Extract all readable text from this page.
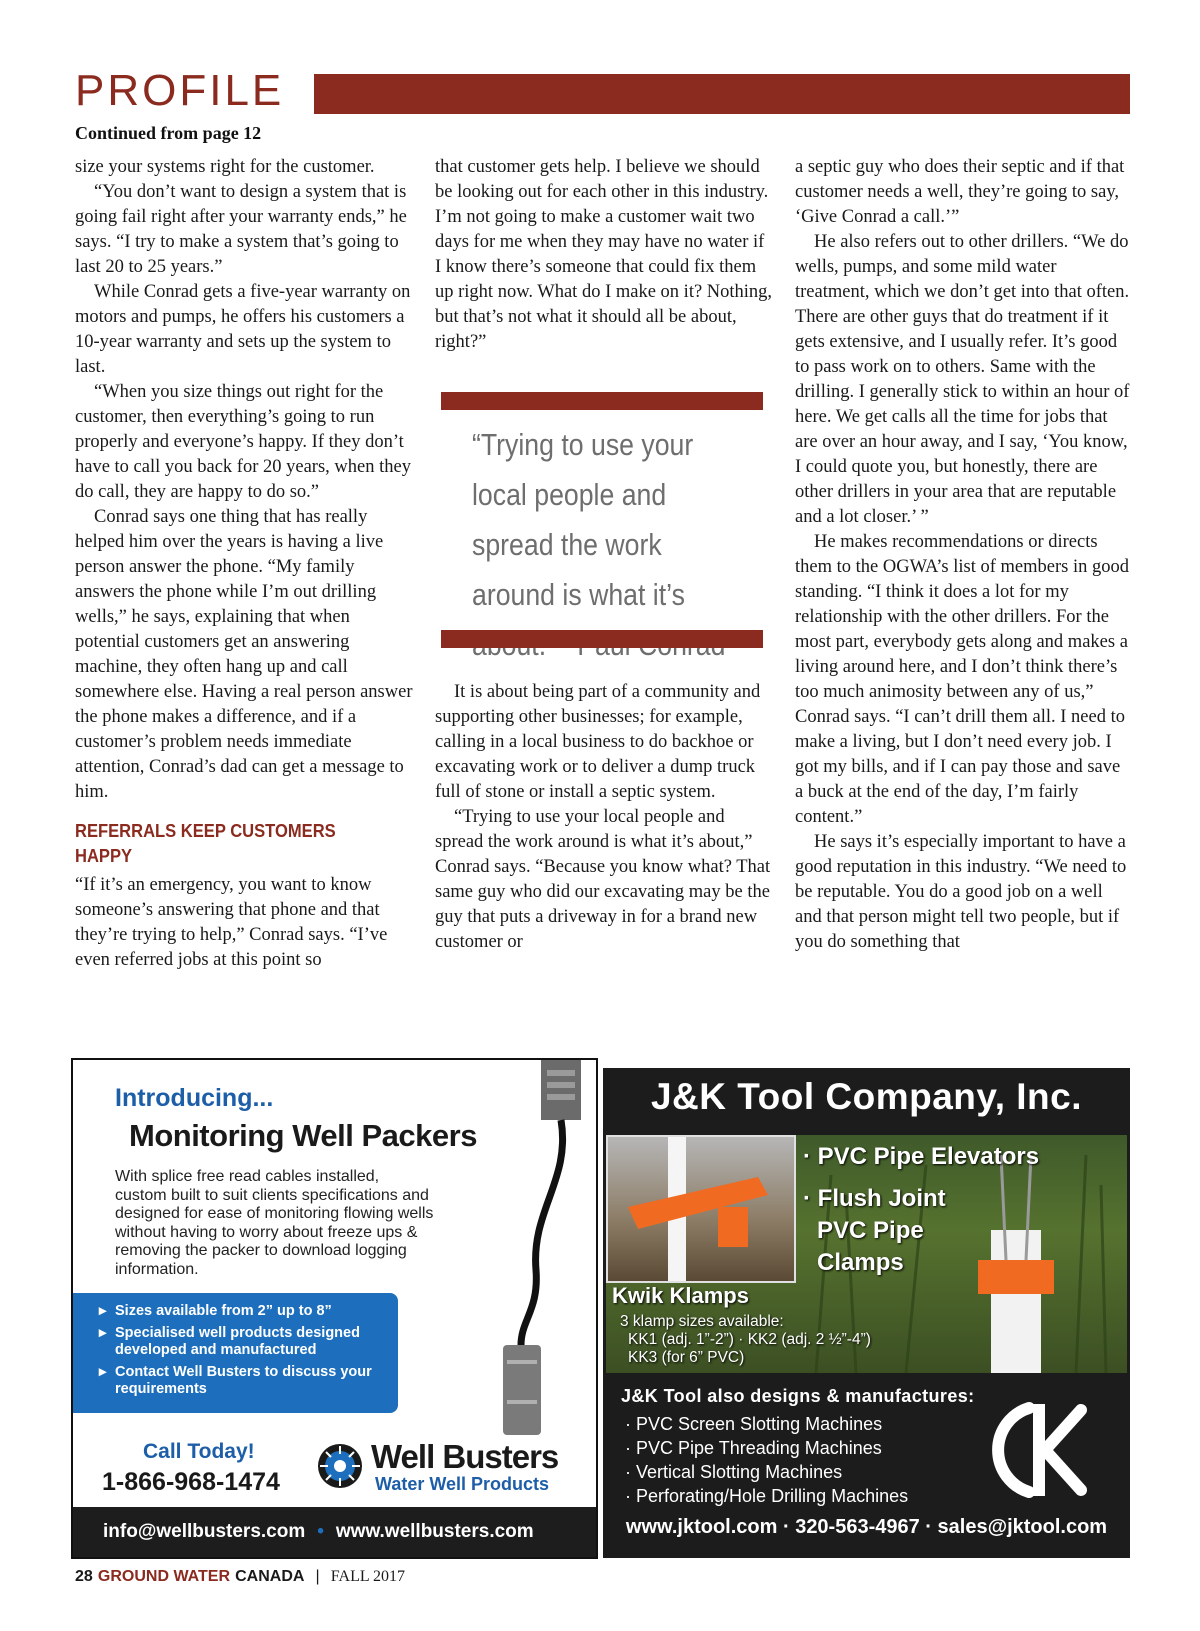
PROFILE
Continued from page 12

size your systems right for the customer.

“You don’t want to design a system that is going fail right after your warranty ends,” he says. “I try to make a system that’s going to last 20 to 25 years.”

While Conrad gets a five-year warranty on motors and pumps, he offers his customers a 10-year warranty and sets up the system to last.

“When you size things out right for the customer, then everything’s going to run properly and everyone’s happy. If they don’t have to call you back for 20 years, when they do call, they are happy to do so.”

Conrad says one thing that has really helped him over the years is having a live person answer the phone. “My family answers the phone while I’m out drilling wells,” he says, explaining that when potential customers get an answering machine, they often hang up and call somewhere else. Having a real person answer the phone makes a difference, and if a customer’s problem needs immediate attention, Conrad’s dad can get a message to him.

REFERRALS KEEP CUSTOMERS HAPPY

“If it’s an emergency, you want to know someone’s answering that phone and that they’re trying to help,” Conrad says. “I’ve even referred jobs at this point so

that customer gets help. I believe we should be looking out for each other in this industry. I’m not going to make a customer wait two days for me when they may have no water if I know there’s someone that could fix them up right now. What do I make on it? Nothing, but that’s not what it should all be about, right?”

“Trying to use your local people and spread the work around is what it’s

It is about being part of a community and supporting other businesses; for example, calling in a local business to do backhoe or excavating work or to deliver a dump truck full of stone or install a septic system.

“Trying to use your local people and spread the work around is what it’s about,” Conrad says. “Because you know what? That same guy who did our excavating may be the guy that puts a driveway in for a brand new customer or

a septic guy who does their septic and if that customer needs a well, they’re going to say, ‘Give Conrad a call.’”

He also refers out to other drillers. “We do wells, pumps, and some mild water treatment, which we don’t get into that often. There are other guys that do treatment if it gets extensive, and I usually refer. It’s good to pass work on to others. Same with the drilling. I generally stick to within an hour of here. We get calls all the time for jobs that are over an hour away, and I say, ‘You know, I could quote you, but honestly, there are other drillers in your area that are reputable and a lot closer.’ ”

He makes recommendations or directs them to the OGWA’s list of members in good standing. “I think it does a lot for my relationship with the other drillers. For the most part, everybody gets along and makes a living around here, and I don’t think there’s too much animosity between any of us,” Conrad says. “I can’t drill them all. I need to make a living, but I don’t need every job. I got my bills, and if I can pay those and save a buck at the end of the day, I’m fairly content.”

He says it’s especially important to have a good reputation in this industry. “We need to be reputable. You do a good job on a well and that person might tell two people, but if you do something that

Introducing...
Monitoring Well Packers
With splice free read cables installed, custom built to suit clients specifications and designed for ease of monitoring flowing wells without having to worry about freeze ups & removing the packer to download logging information.
▸ Sizes available from 2” up to 8”
▸ Specialised well products designed developed and manufactured
▸ Contact Well Busters to discuss your requirements
Call Today!
1-866-968-1474
Well Busters
Water Well Products
info@wellbusters.com • www.wellbusters.com
J&K Tool Company, Inc.
· PVC Pipe Elevators
· Flush Joint
PVC Pipe
Clamps
Kwik Klamps
3 klamp sizes available:
KK1 (adj. 1”-2”) · KK2 (adj. 2 ½”-4”)
KK3 (for 6” PVC)
J&K Tool also designs & manufactures:
· PVC Screen Slotting Machines
· PVC Pipe Threading Machines
· Vertical Slotting Machines
· Perforating/Hole Drilling Machines
www.jktool.com · 320-563-4967 · sales@jktool.com
28 GROUND WATER CANADA | FALL 2017
